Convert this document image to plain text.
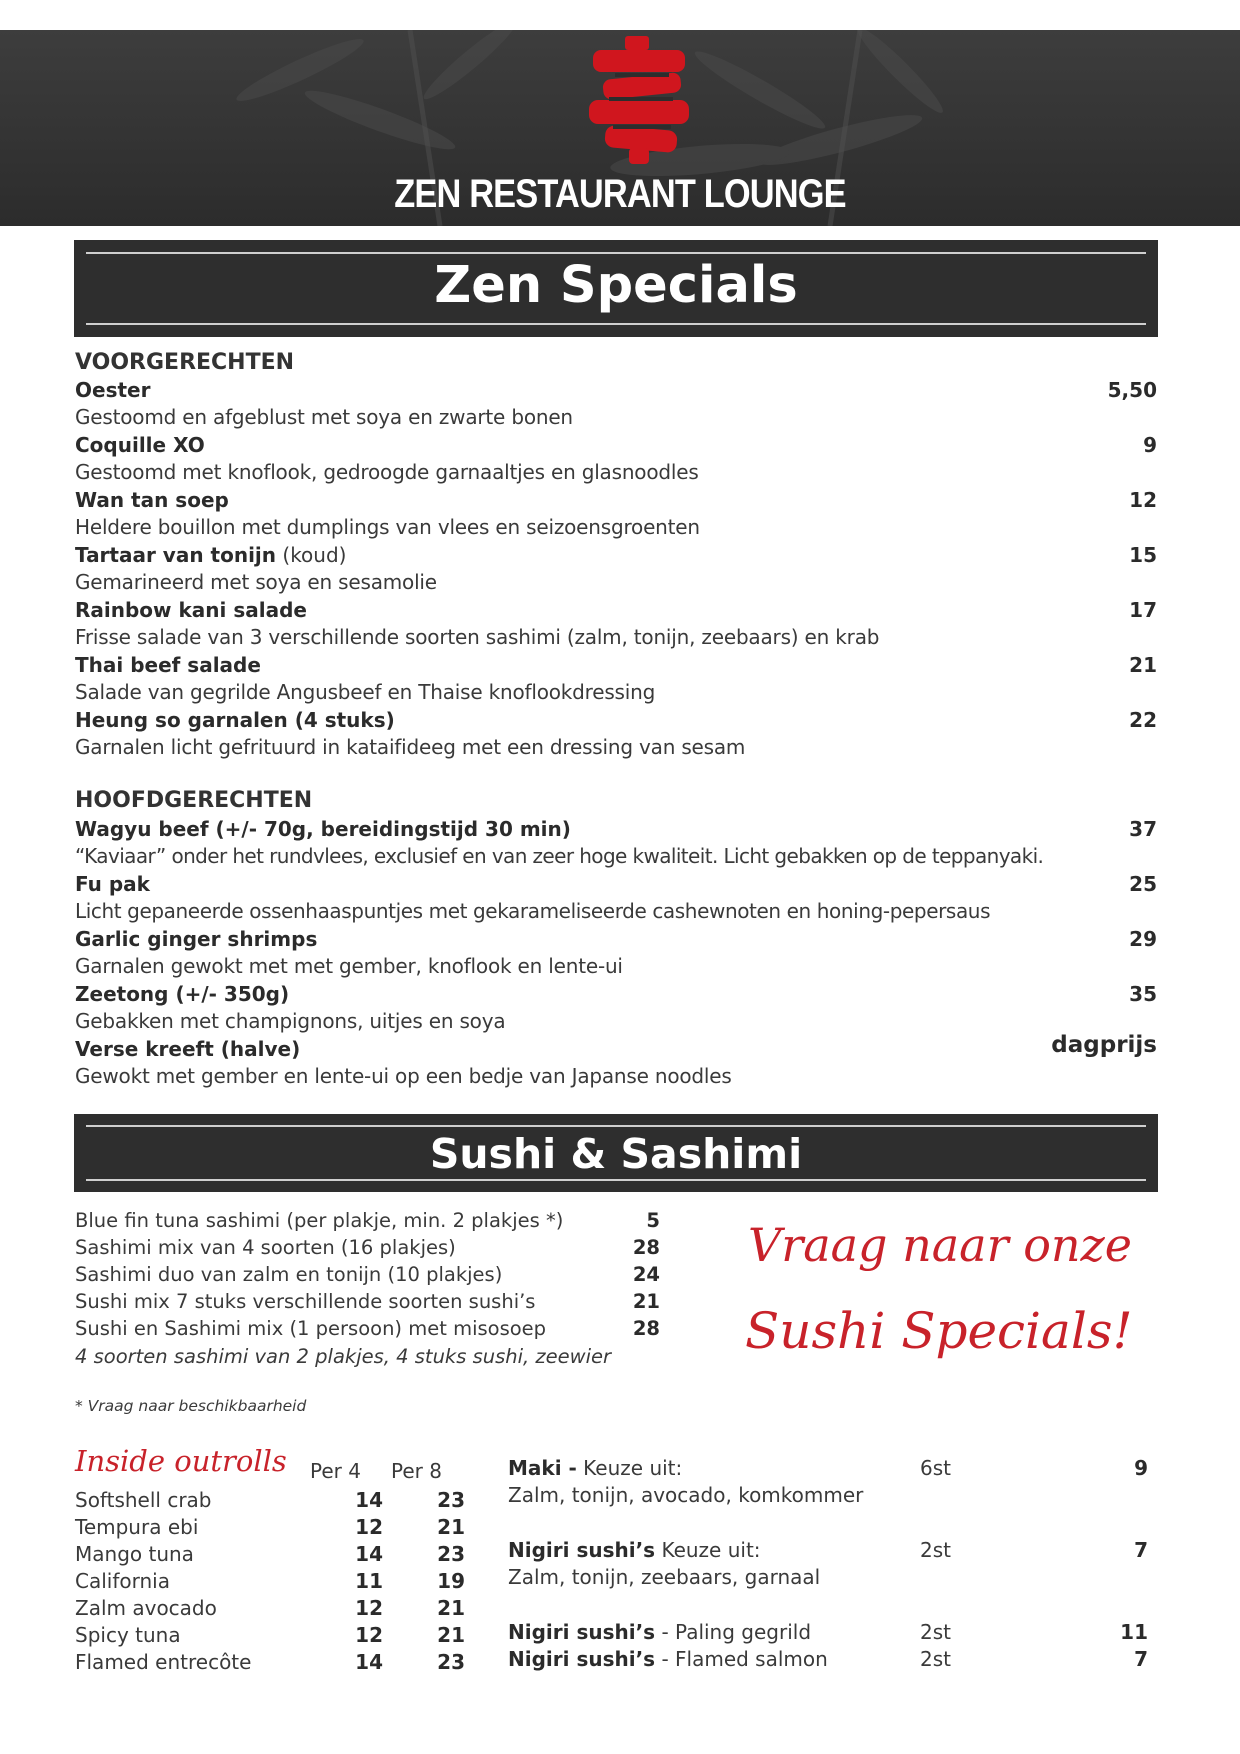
ZEN RESTAURANT LOUNGE
Zen Specials
VOORGERECHTEN
Oester	5,50
Gestoomd en afgeblust met soya en zwarte bonen
Coquille XO	9
Gestoomd met knoflook, gedroogde garnaaltjes en glasnoodles
Wan tan soep	12
Heldere bouillon met dumplings van vlees en seizoensgroenten
Tartaar van tonijn (koud)	15
Gemarineerd met soya en sesamolie
Rainbow kani salade	17
Frisse salade van 3 verschillende soorten sashimi (zalm, tonijn, zeebaars) en krab
Thai beef salade	21
Salade van gegrilde Angusbeef en Thaise knoflookdressing
Heung so garnalen (4 stuks)	22
Garnalen licht gefrituurd in kataifideeg met een dressing van sesam
HOOFDGERECHTEN
Wagyu beef (+/- 70g, bereidingstijd 30 min)	37
“Kaviaar” onder het rundvlees, exclusief en van zeer hoge kwaliteit. Licht gebakken op de teppanyaki.
Fu pak	25
Licht gepaneerde ossenhaaspuntjes met gekarameliseerde cashewnoten en honing-pepersaus
Garlic ginger shrimps	29
Garnalen gewokt met met gember, knoflook en lente-ui
Zeetong (+/- 350g)	35
Gebakken met champignons, uitjes en soya
Verse kreeft (halve)	dagprijs
Gewokt met gember en lente-ui op een bedje van Japanse noodles
Sushi & Sashimi
Blue fin tuna sashimi (per plakje, min. 2 plakjes *)	5
Sashimi mix van 4 soorten (16 plakjes)	28
Sashimi duo van zalm en tonijn (10 plakjes)	24
Sushi mix 7 stuks verschillende soorten sushi’s	21
Sushi en Sashimi mix (1 persoon) met misosoep	28
4 soorten sashimi van 2 plakjes, 4 stuks sushi, zeewier
Vraag naar onze
Sushi Specials!
* Vraag naar beschikbaarheid
Inside outrolls Per 4 Per 8
Softshell crab	14	23
Tempura ebi	12	21
Mango tuna	14	23
California	11	19
Zalm avocado	12	21
Spicy tuna	12	21
Flamed entrecôte	14	23
Maki - Keuze uit:	6st	9
Zalm, tonijn, avocado, komkommer
Nigiri sushi’s Keuze uit:	2st	7
Zalm, tonijn, zeebaars, garnaal
Nigiri sushi’s - Paling gegrild	2st	11
Nigiri sushi’s - Flamed salmon	2st	7
